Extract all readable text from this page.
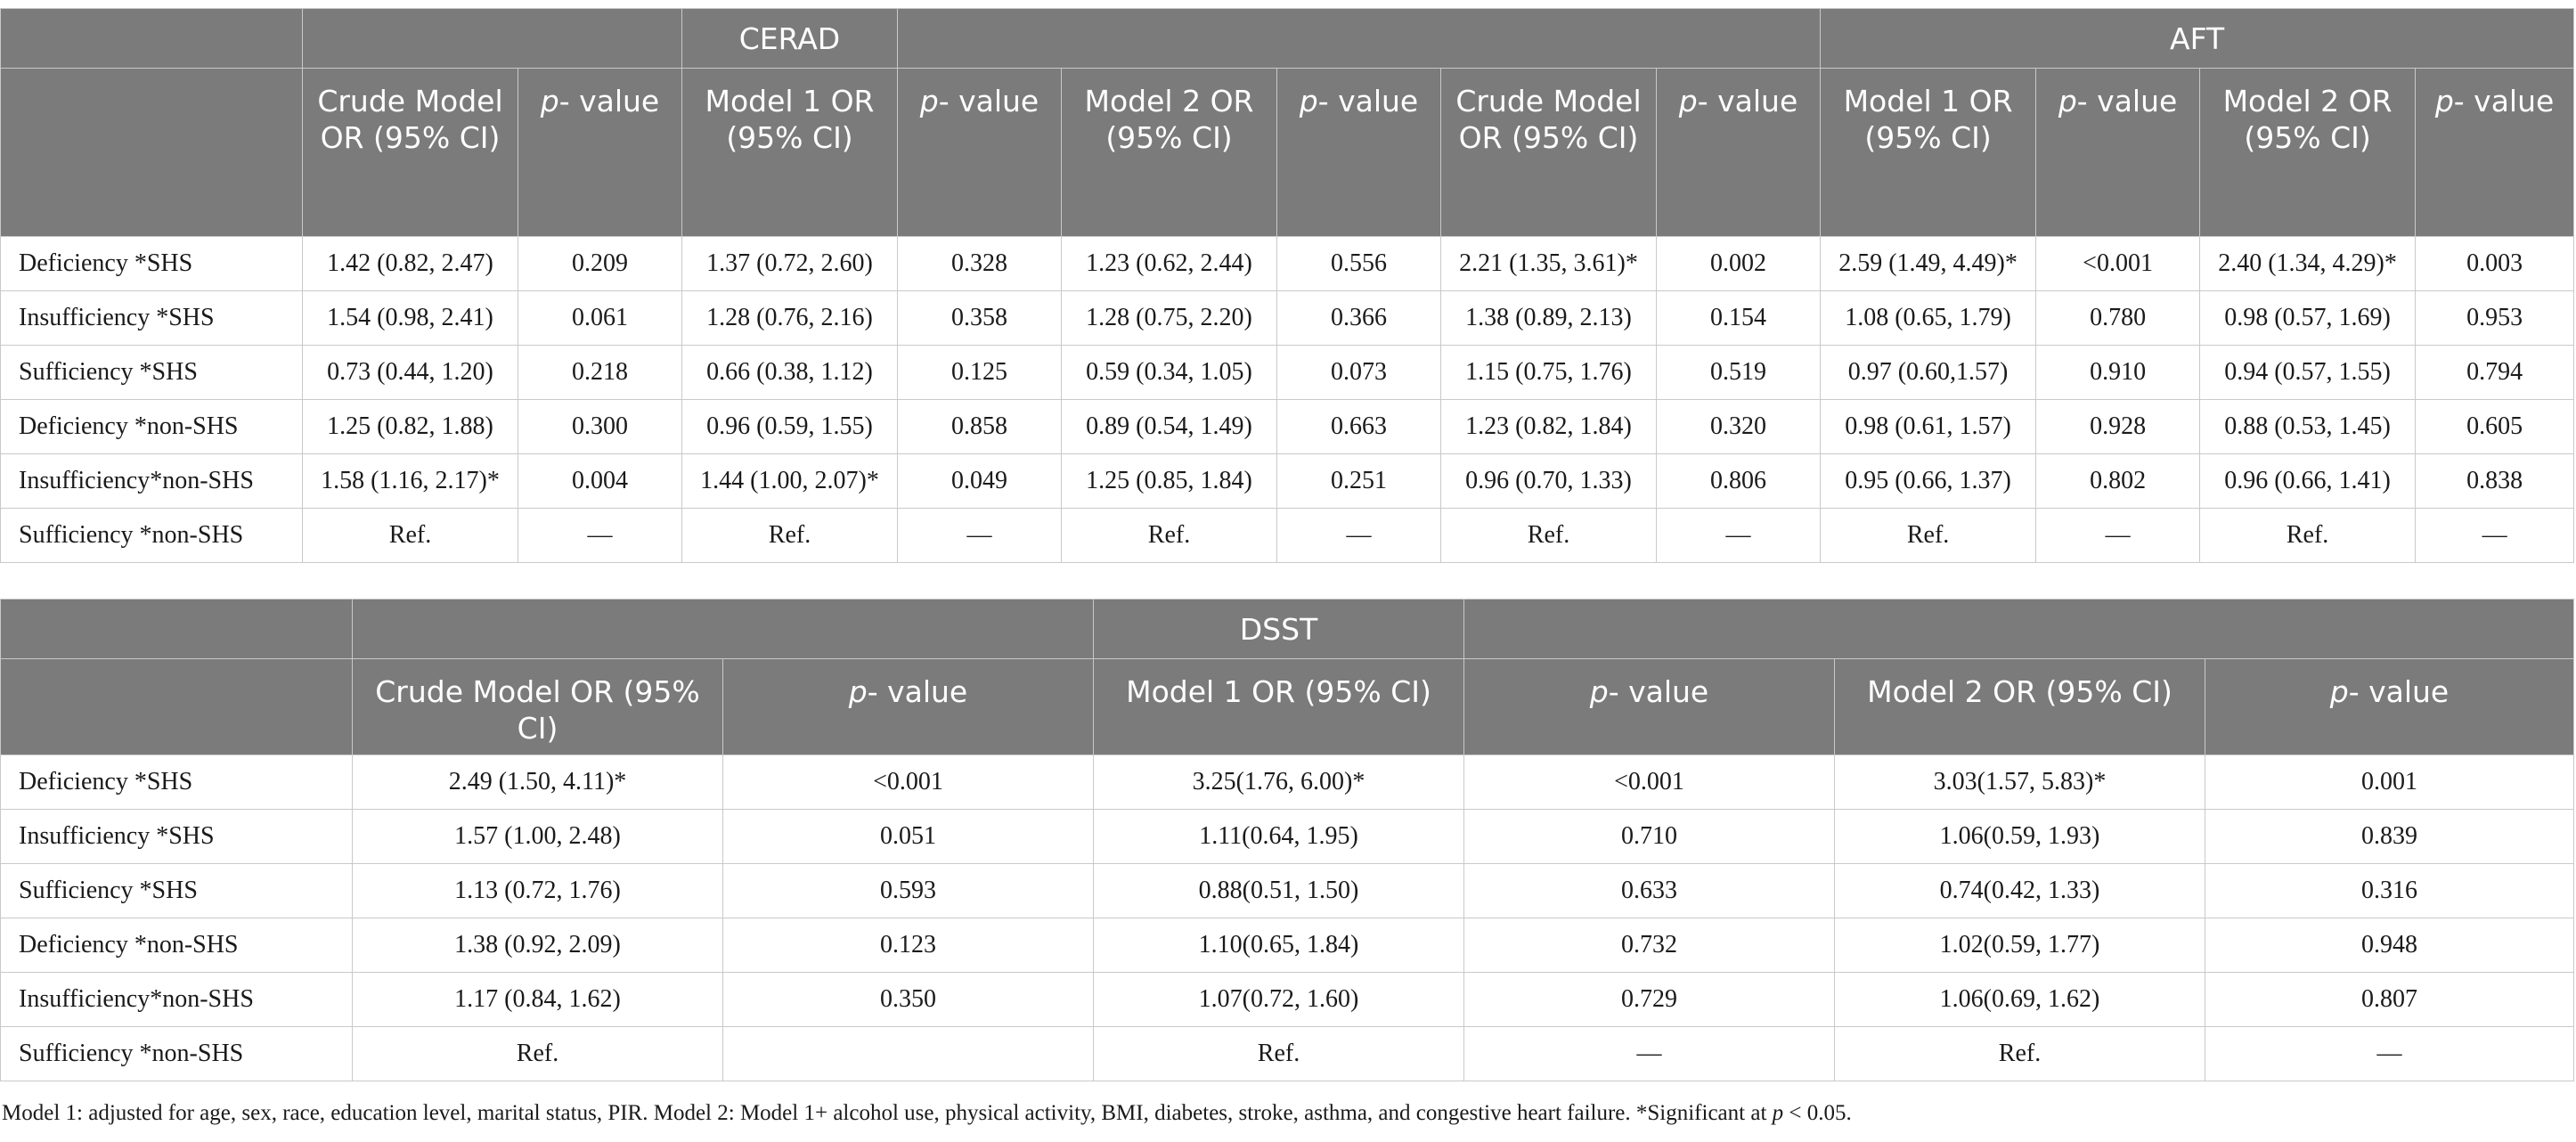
			CERAD						AFT			
	Crude Model OR (95% CI)	p- value	Model 1 OR (95% CI)	p- value	Model 2 OR (95% CI)	p- value	Crude Model OR (95% CI)	p- value	Model 1 OR (95% CI)	p- value	Model 2 OR (95% CI)	p- value
Deficiency *SHS	1.42 (0.82, 2.47)	0.209	1.37 (0.72, 2.60)	0.328	1.23 (0.62, 2.44)	0.556	2.21 (1.35, 3.61)*	0.002	2.59 (1.49, 4.49)*	<0.001	2.40 (1.34, 4.29)*	0.003
Insufficiency *SHS	1.54 (0.98, 2.41)	0.061	1.28 (0.76, 2.16)	0.358	1.28 (0.75, 2.20)	0.366	1.38 (0.89, 2.13)	0.154	1.08 (0.65, 1.79)	0.780	0.98 (0.57, 1.69)	0.953
Sufficiency *SHS	0.73 (0.44, 1.20)	0.218	0.66 (0.38, 1.12)	0.125	0.59 (0.34, 1.05)	0.073	1.15 (0.75, 1.76)	0.519	0.97 (0.60,1.57)	0.910	0.94 (0.57, 1.55)	0.794
Deficiency *non-SHS	1.25 (0.82, 1.88)	0.300	0.96 (0.59, 1.55)	0.858	0.89 (0.54, 1.49)	0.663	1.23 (0.82, 1.84)	0.320	0.98 (0.61, 1.57)	0.928	0.88 (0.53, 1.45)	0.605
Insufficiency*non-SHS	1.58 (1.16, 2.17)*	0.004	1.44 (1.00, 2.07)*	0.049	1.25 (0.85, 1.84)	0.251	0.96 (0.70, 1.33)	0.806	0.95 (0.66, 1.37)	0.802	0.96 (0.66, 1.41)	0.838
Sufficiency *non-SHS	Ref.	—	Ref.	—	Ref.	—	Ref.	—	Ref.	—	Ref.	—
			DSST			
	Crude Model OR (95% CI)	p- value	Model 1 OR (95% CI)	p- value	Model 2 OR (95% CI)	p- value
Deficiency *SHS	2.49 (1.50, 4.11)*	<0.001	3.25(1.76, 6.00)*	<0.001	3.03(1.57, 5.83)*	0.001
Insufficiency *SHS	1.57 (1.00, 2.48)	0.051	1.11(0.64, 1.95)	0.710	1.06(0.59, 1.93)	0.839
Sufficiency *SHS	1.13 (0.72, 1.76)	0.593	0.88(0.51, 1.50)	0.633	0.74(0.42, 1.33)	0.316
Deficiency *non-SHS	1.38 (0.92, 2.09)	0.123	1.10(0.65, 1.84)	0.732	1.02(0.59, 1.77)	0.948
Insufficiency*non-SHS	1.17 (0.84, 1.62)	0.350	1.07(0.72, 1.60)	0.729	1.06(0.69, 1.62)	0.807
Sufficiency *non-SHS	Ref.		Ref.	—	Ref.	—
Model 1: adjusted for age, sex, race, education level, marital status, PIR. Model 2: Model 1+ alcohol use, physical activity, BMI, diabetes, stroke, asthma, and congestive heart failure. *Significant at p < 0.05.
